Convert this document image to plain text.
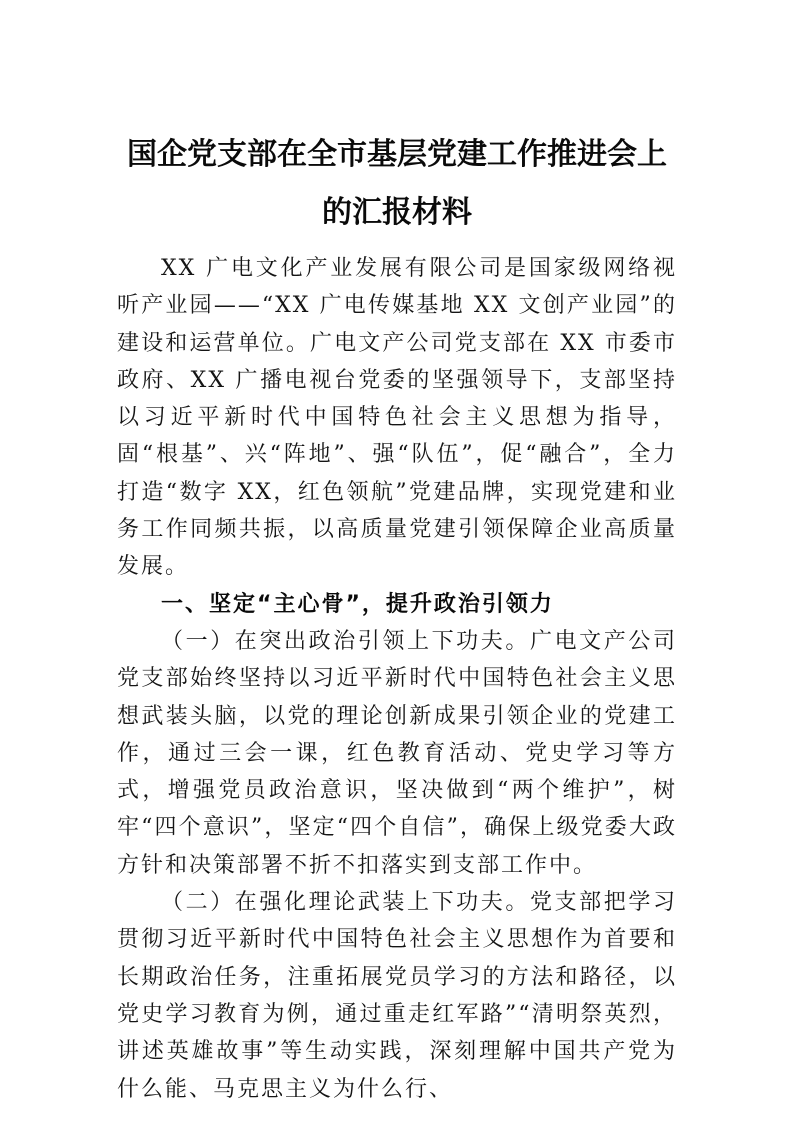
国企党支部在全市基层党建工作推进会上的汇报材料

XX 广电文化产业发展有限公司是国家级网络视听产业园——“XX 广电传媒基地 XX 文创产业园”的建设和运营单位。广电文产公司党支部在 XX 市委市政府、XX 广播电视台党委的坚强领导下，支部坚持以习近平新时代中国特色社会主义思想为指导，固“根基”、兴“阵地”、强“队伍”，促“融合”，全力打造“数字 XX，红色领航”党建品牌，实现党建和业务工作同频共振，以高质量党建引领保障企业高质量发展。

一、坚定“主心骨”，提升政治引领力

（一）在突出政治引领上下功夫。广电文产公司党支部始终坚持以习近平新时代中国特色社会主义思想武装头脑，以党的理论创新成果引领企业的党建工作，通过三会一课，红色教育活动、党史学习等方式，增强党员政治意识，坚决做到“两个维护”，树牢“四个意识”，坚定“四个自信”，确保上级党委大政方针和决策部署不折不扣落实到支部工作中。

（二）在强化理论武装上下功夫。党支部把学习贯彻习近平新时代中国特色社会主义思想作为首要和长期政治任务，注重拓展党员学习的方法和路径，以党史学习教育为例，通过重走红军路”“清明祭英烈，讲述英雄故事”等生动实践，深刻理解中国共产党为什么能、马克思主义为什么行、
